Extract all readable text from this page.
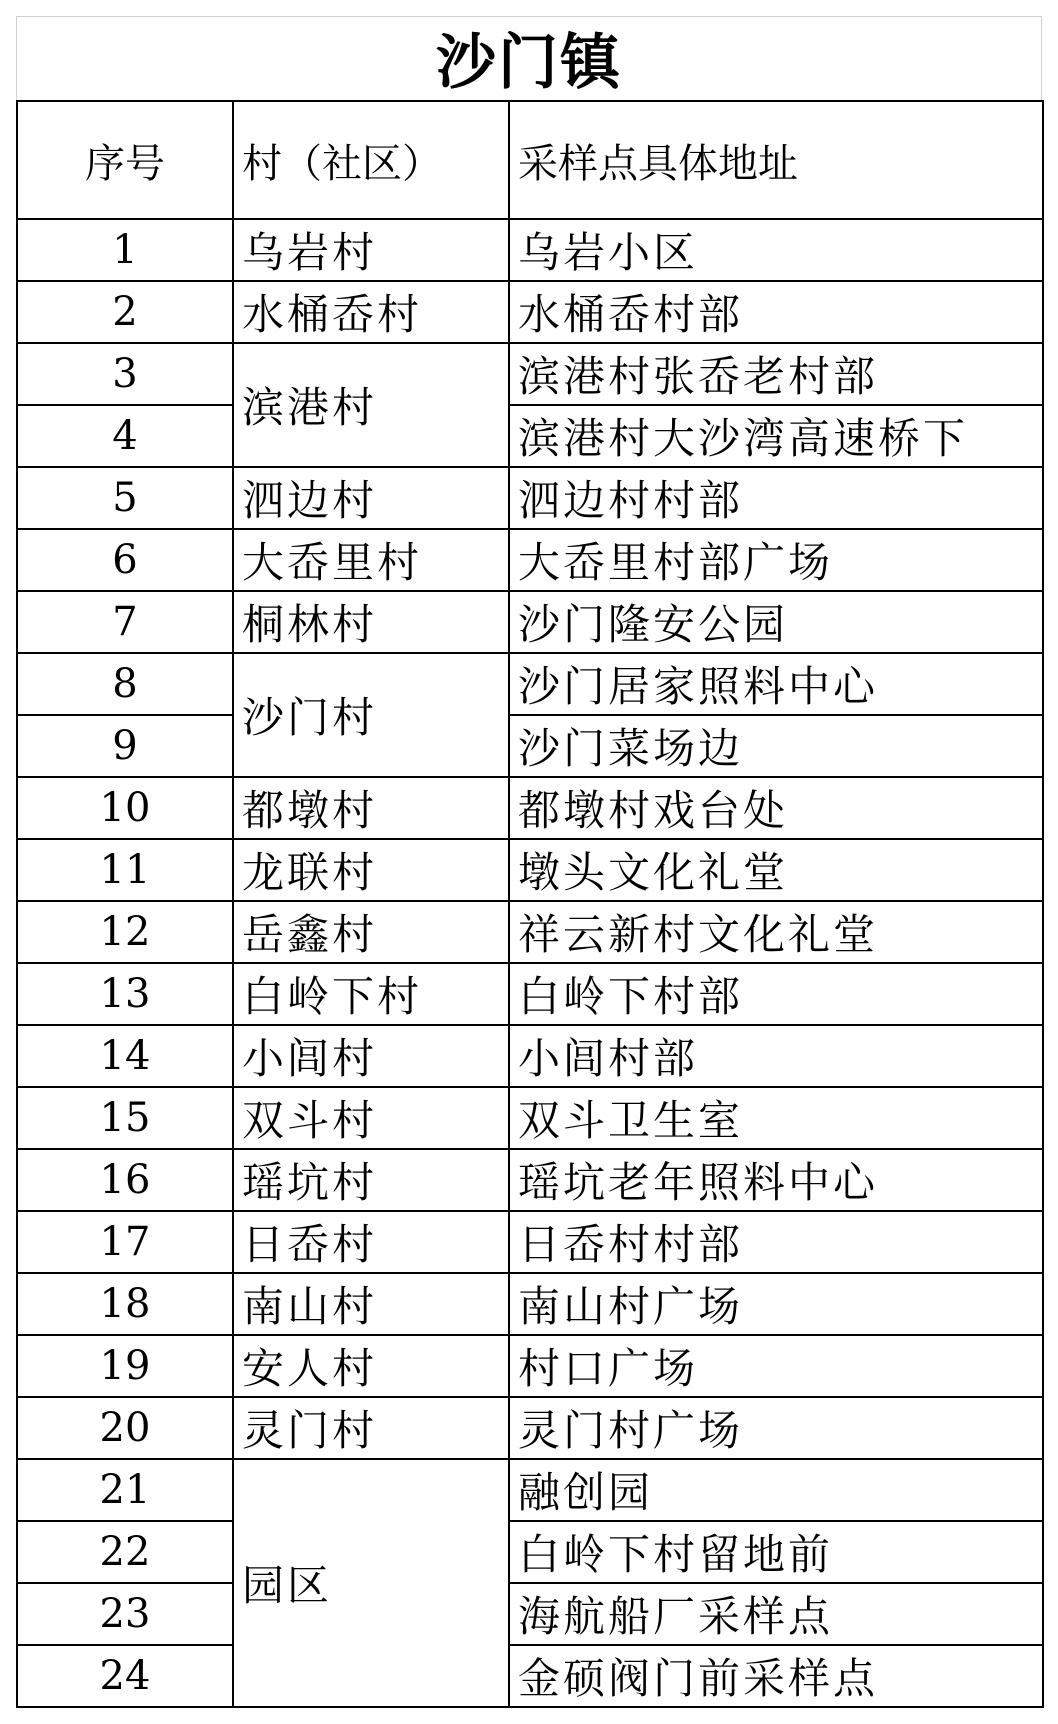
沙门镇
序号	村（社区）	采样点具体地址
1	乌岩村	乌岩小区
2	水桶岙村	水桶岙村部
3	滨港村	滨港村张岙老村部
4		滨港村大沙湾高速桥下
5	泗边村	泗边村村部
6	大岙里村	大岙里村部广场
7	桐林村	沙门隆安公园
8	沙门村	沙门居家照料中心
9		沙门菜场边
10	都墩村	都墩村戏台处
11	龙联村	墩头文化礼堂
12	岳鑫村	祥云新村文化礼堂
13	白岭下村	白岭下村部
14	小闾村	小闾村部
15	双斗村	双斗卫生室
16	瑶坑村	瑶坑老年照料中心
17	日岙村	日岙村村部
18	南山村	南山村广场
19	安人村	村口广场
20	灵门村	灵门村广场
21	园区	融创园
22		白岭下村留地前
23		海航船厂采样点
24		金硕阀门前采样点
